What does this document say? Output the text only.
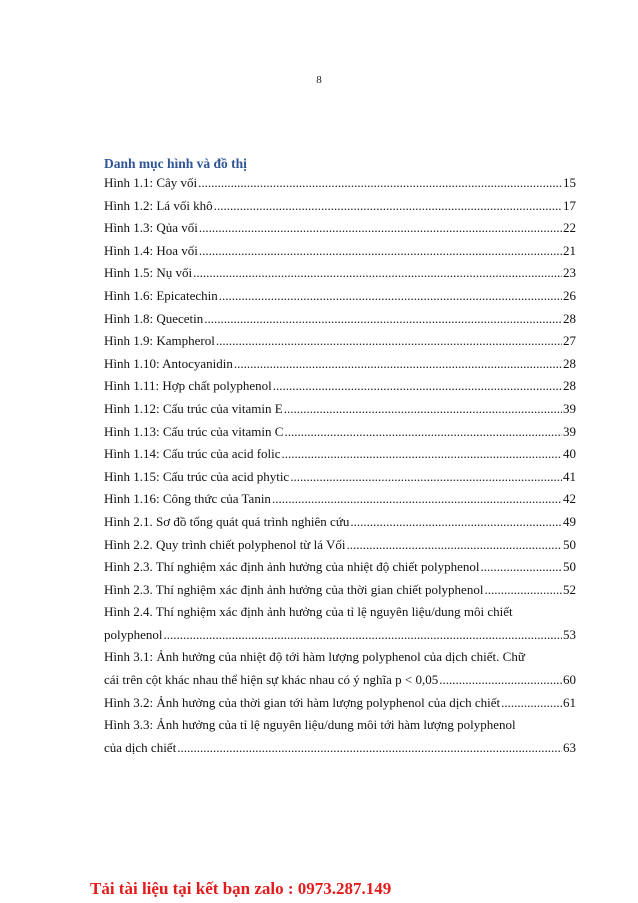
8
Danh mục hình và đồ thị
Hình 1.1: Cây vối .....	15
Hình 1.2: Lá vối khô .....	17
Hình 1.3: Qủa vối .....	22
Hình 1.4: Hoa vối .....	21
Hình 1.5: Nụ vối .....	23
Hình 1.6: Epicatechin .....	26
Hình 1.8: Quecetin .....	28
Hình 1.9: Kampherol .....	27
Hình 1.10: Antocyanidin .....	28
Hình 1.11: Hợp chất polyphenol .....	28
Hình 1.12: Cấu trúc của vitamin E .....	39
Hình 1.13: Cấu trúc của vitamin C .....	39
Hình 1.14: Cấu trúc của acid folic .....	40
Hình 1.15: Cấu trúc của acid phytic .....	41
Hình 1.16: Công thức của Tanin .....	42
Hình 2.1. Sơ đồ tổng quát quá trình nghiên cứu .....	49
Hình 2.2. Quy trình chiết polyphenol từ lá Vối .....	50
Hình 2.3. Thí nghiệm xác định ảnh hưởng của nhiệt độ chiết polyphenol .....	50
Hình 2.3. Thí nghiệm xác định ảnh hưởng của thời gian chiết polyphenol .....	52
Hình 2.4. Thí nghiệm xác định ảnh hưởng của tỉ lệ nguyên liệu/dung môi chiết
polyphenol .....	53
Hình 3.1: Ảnh hưởng của nhiệt độ tới hàm lượng polyphenol của dịch chiết. Chữ
cái trên cột khác nhau thể hiện sự khác nhau có ý nghĩa p < 0,05 .....	60
Hình 3.2: Ảnh hưởng của thời gian tới hàm lượng polyphenol của dịch chiết .....	61
Hình 3.3: Ảnh hưởng của tỉ lệ nguyên liệu/dung môi tới hàm lượng polyphenol
của dịch chiết .....	63
Tải tài liệu tại kết bạn zalo : 0973.287.149
